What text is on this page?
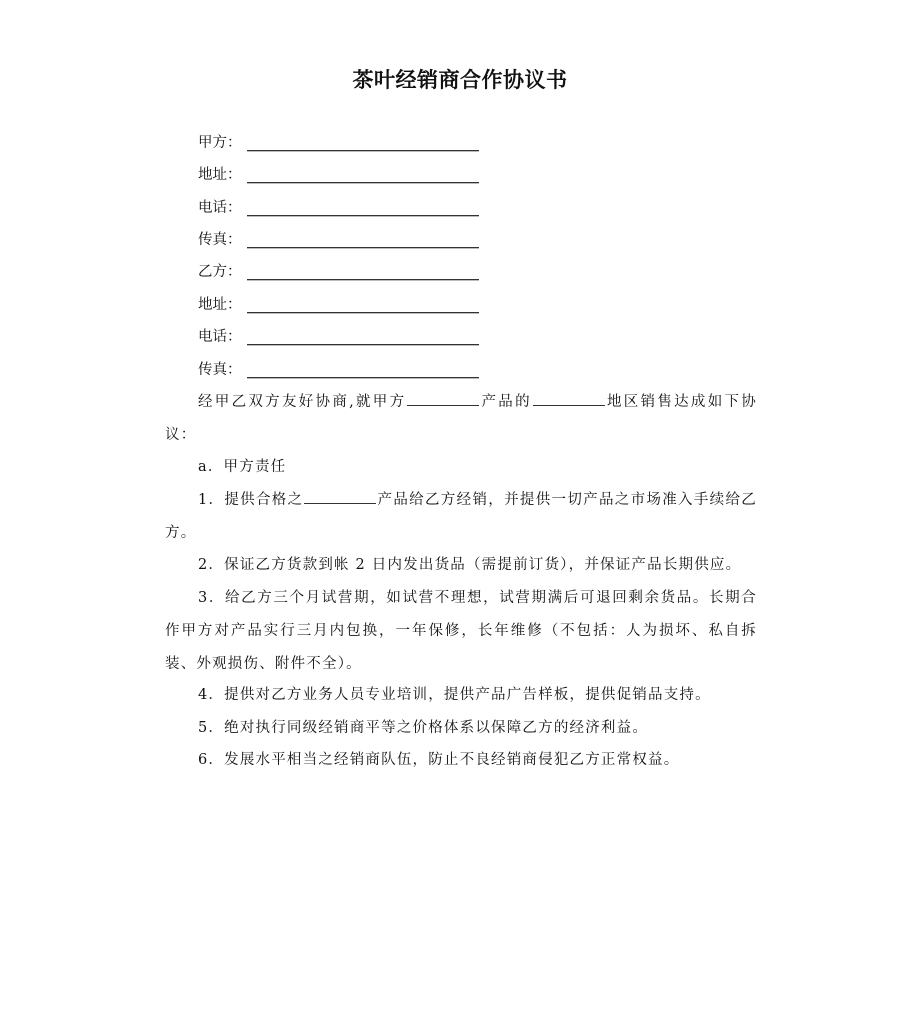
茶叶经销商合作协议书
甲方：
地址：
电话：
传真：
乙方：
地址：
电话：
传真：
经甲乙双方友好协商,就甲方	产品的	地区销售达成如下协议：
a．甲方责任
1．提供合格之	产品给乙方经销，并提供一切产品之市场准入手续给乙方。
2．保证乙方货款到帐 2 日内发出货品（需提前订货），并保证产品长期供应。
3．给乙方三个月试营期，如试营不理想，试营期满后可退回剩余货品。长期合作甲方对产品实行三月内包换，一年保修，长年维修（不包括：人为损坏、私自拆装、外观损伤、附件不全）。
4．提供对乙方业务人员专业培训，提供产品广告样板，提供促销品支持。
5．绝对执行同级经销商平等之价格体系以保障乙方的经济利益。
6．发展水平相当之经销商队伍，防止不良经销商侵犯乙方正常权益。
